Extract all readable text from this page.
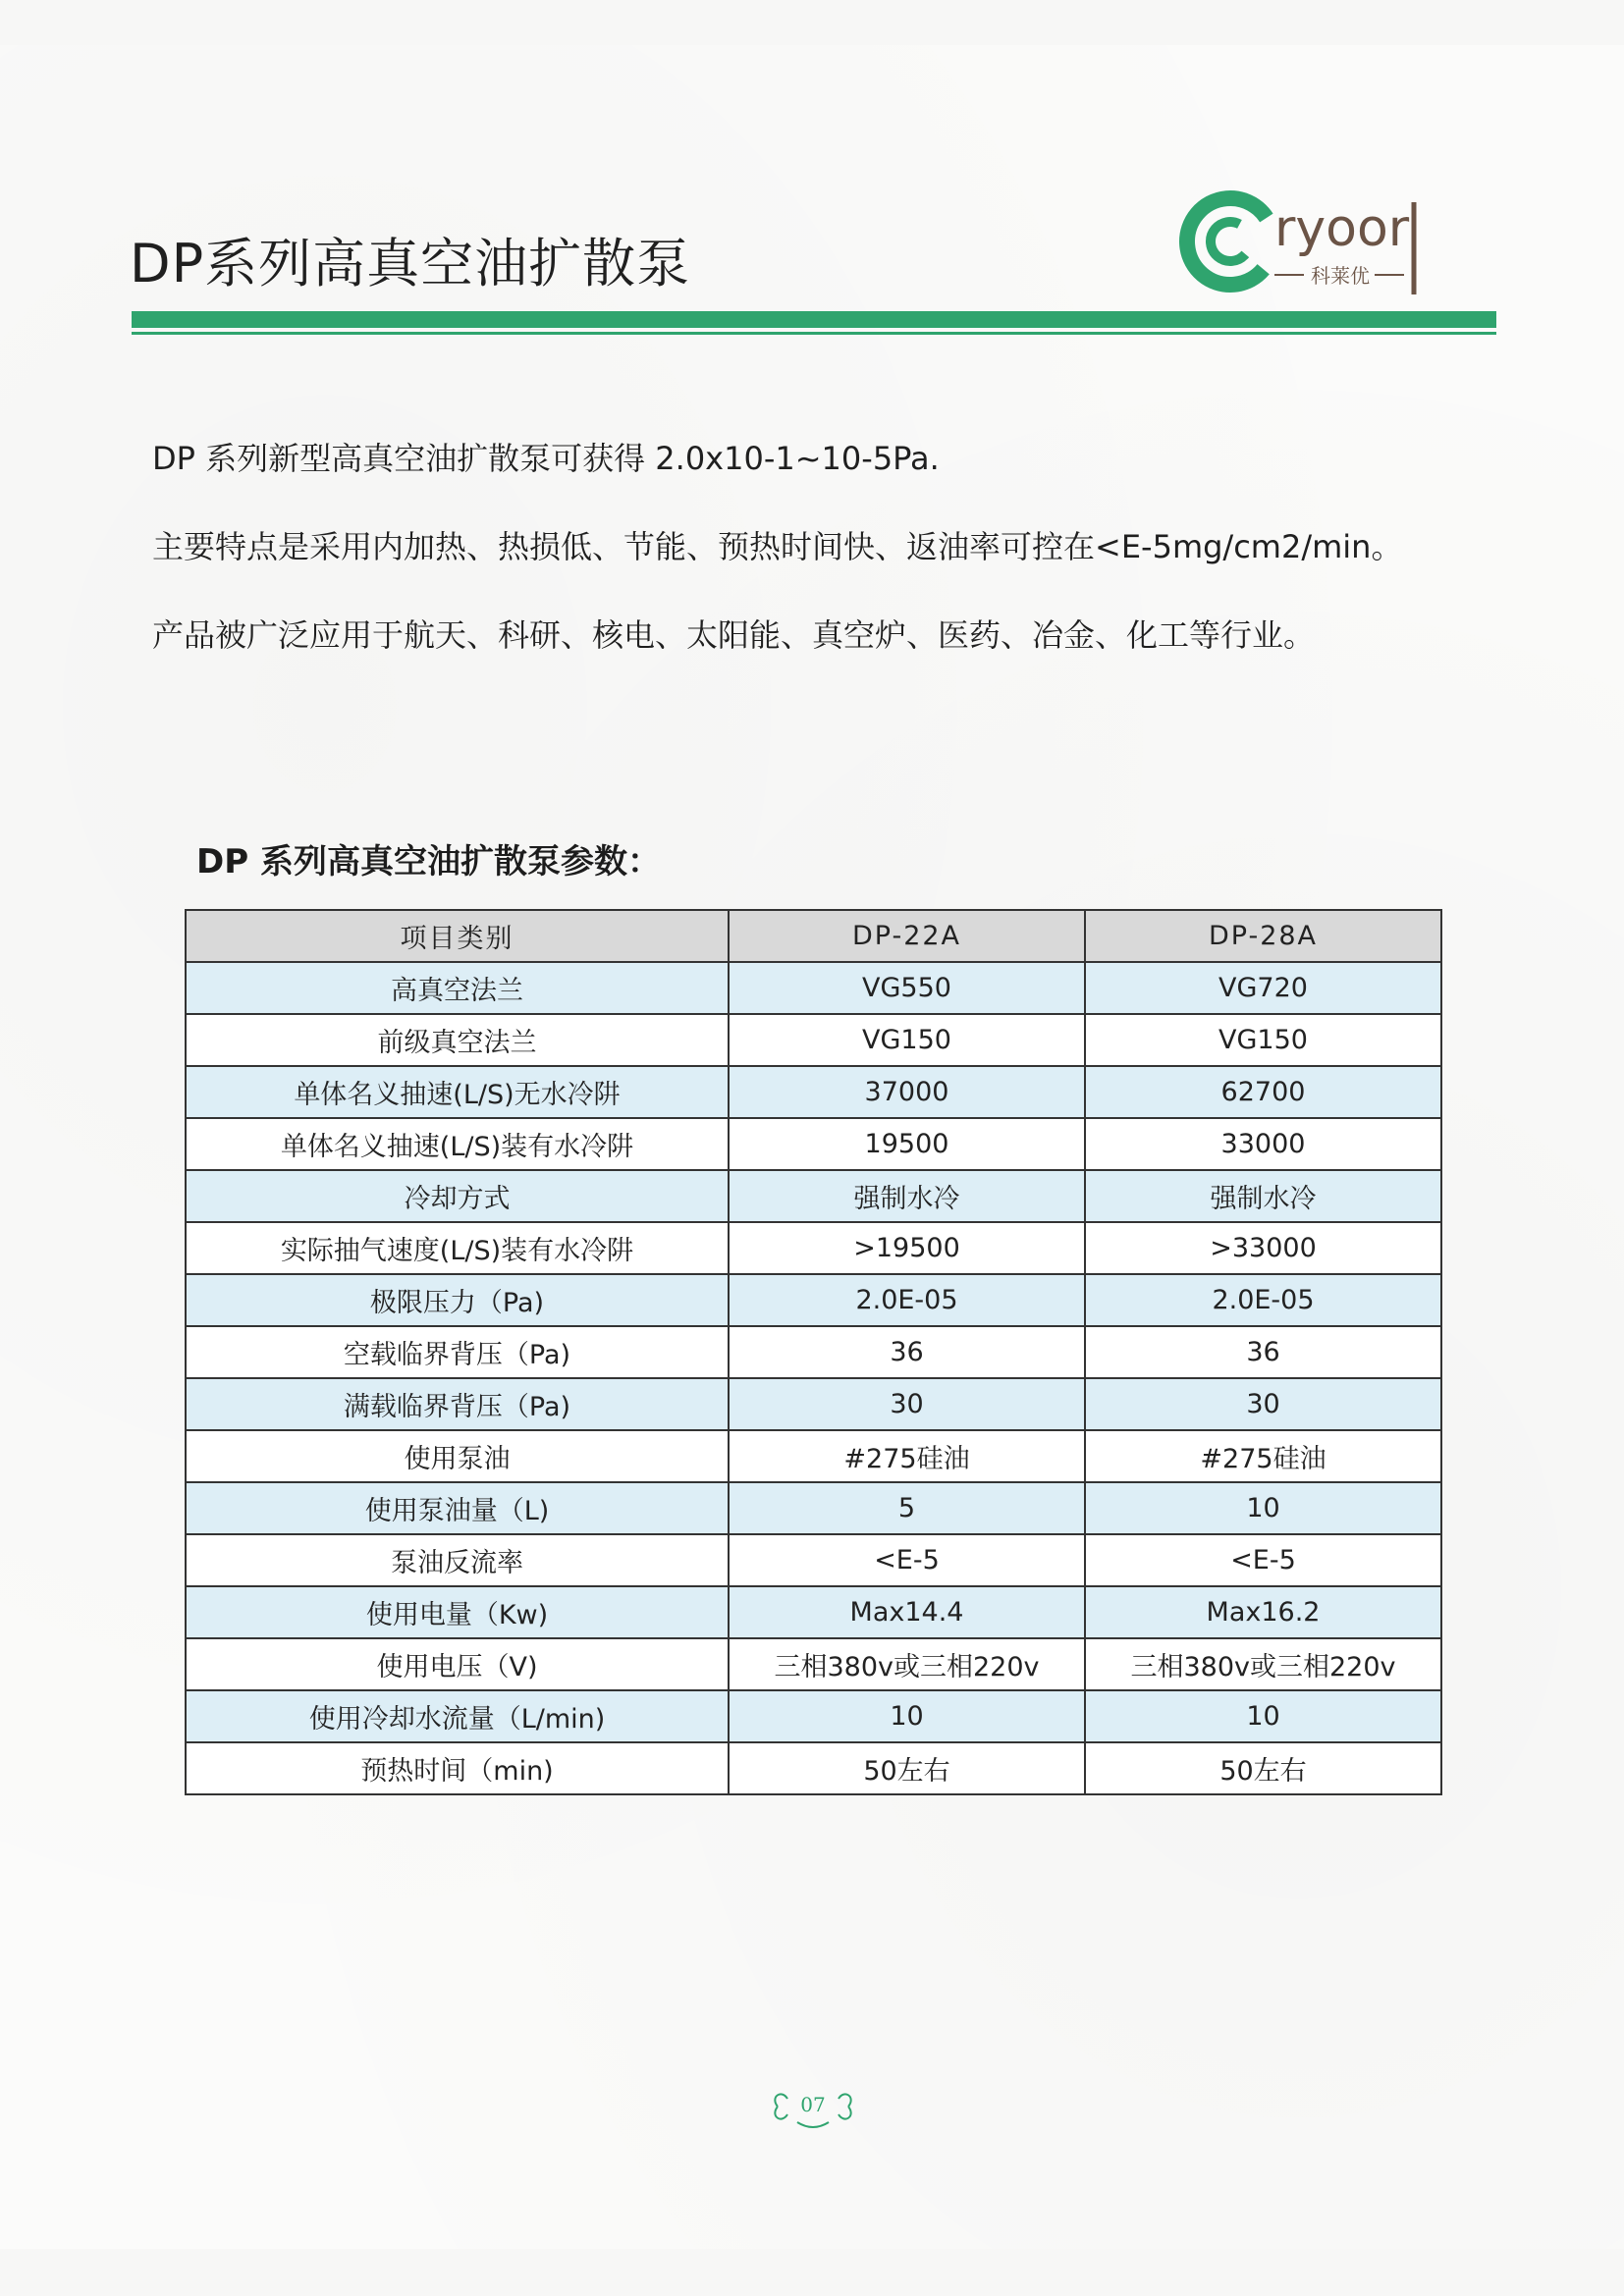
DP系列高真空油扩散泵
ryoor
科莱优

DP 系列新型高真空油扩散泵可获得 2.0x10-1~10-5Pa.

主要特点是采用内加热、热损低、节能、预热时间快、返油率可控在<E-5mg/cm2/min。

产品被广泛应用于航天、科研、核电、太阳能、真空炉、医药、冶金、化工等行业。

DP 系列高真空油扩散泵参数：
项目类别	DP-22A	DP-28A
高真空法兰	VG550	VG720
前级真空法兰	VG150	VG150
单体名义抽速(L/S)无水冷阱	37000	62700
单体名义抽速(L/S)装有水冷阱	19500	33000
冷却方式	强制水冷	强制水冷
实际抽气速度(L/S)装有水冷阱	>19500	>33000
极限压力（Pa)	2.0E-05	2.0E-05
空载临界背压（Pa)	36	36
满载临界背压（Pa)	30	30
使用泵油	#275硅油	#275硅油
使用泵油量（L)	5	10
泵油反流率	<E-5	<E-5
使用电量（Kw)	Max14.4	Max16.2
使用电压（V)	三相380v或三相220v	三相380v或三相220v
使用冷却水流量（L/min)	10	10
预热时间（min)	50左右	50左右
07
